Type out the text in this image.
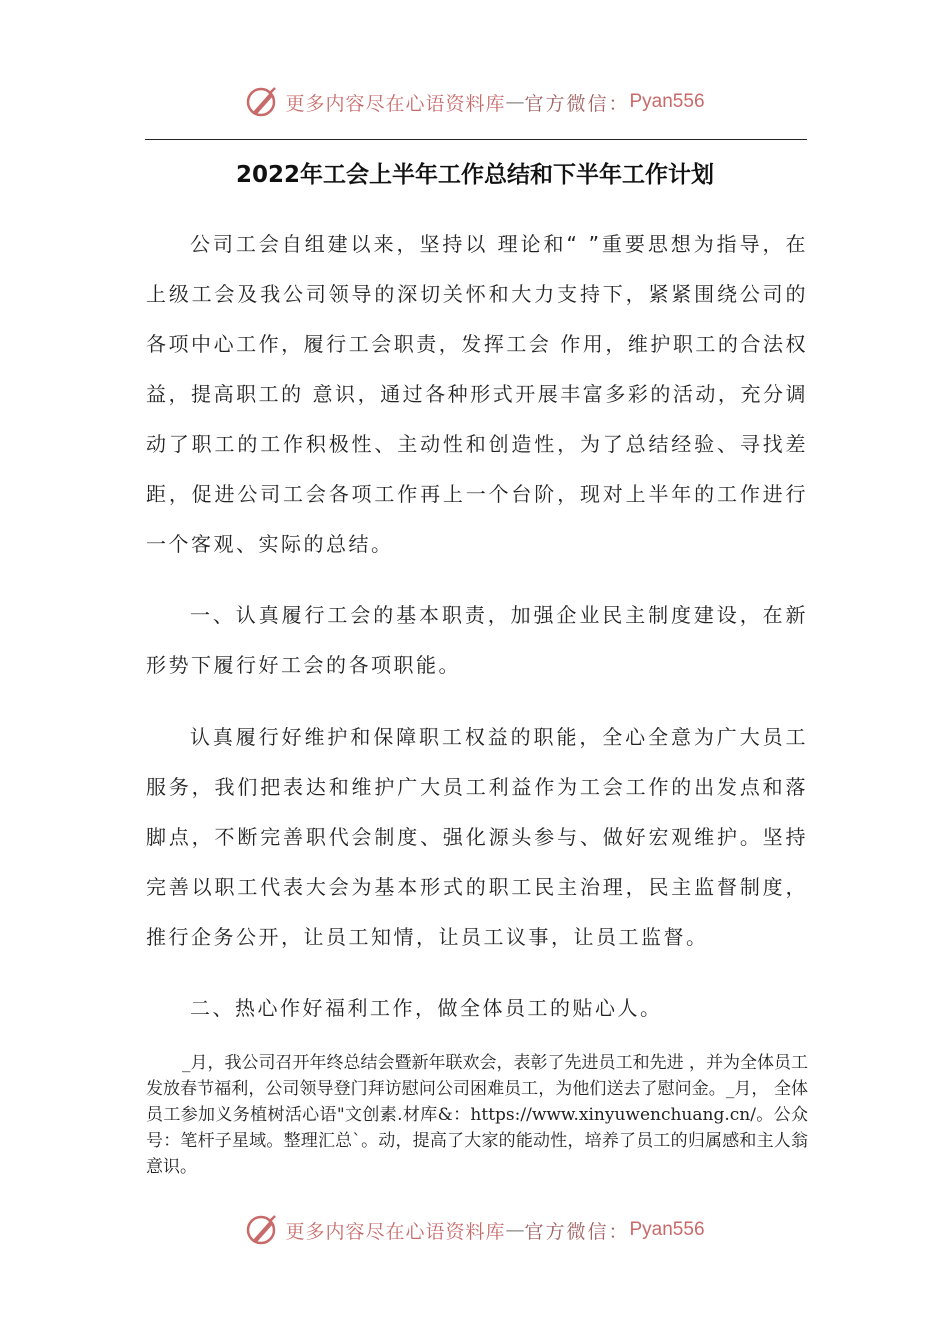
更多内容尽在心语资料库 — 官方微信： Pyan556
2022年工会上半年工作总结和下半年工作计划
公司工会自组建以来，坚持以 理论和“ ”重要思想为指导，在上级工会及我公司领导的深切关怀和大力支持下，紧紧围绕公司的各项中心工作，履行工会职责，发挥工会 作用，维护职工的合法权益，提高职工的 意识，通过各种形式开展丰富多彩的活动，充分调动了职工的工作积极性、主动性和创造性，为了总结经验、寻找差距，促进公司工会各项工作再上一个台阶，现对上半年的工作进行一个客观、实际的总结。
一、认真履行工会的基本职责，加强企业民主制度建设，在新形势下履行好工会的各项职能。
认真履行好维护和保障职工权益的职能，全心全意为广大员工服务，我们把表达和维护广大员工利益作为工会工作的出发点和落脚点，不断完善职代会制度、强化源头参与、做好宏观维护。坚持完善以职工代表大会为基本形式的职工民主治理，民主监督制度，推行企务公开，让员工知情，让员工议事，让员工监督。
二、热心作好福利工作，做全体员工的贴心人。
_月，我公司召开年终总结会暨新年联欢会，表彰了先进员工和先进 ，并为全体员工发放春节福利，公司领导登门拜访慰问公司困难员工，为他们送去了慰问金。_月， 全体员工参加义务植树活心语"文创素.材库&：https://www.xinyuwenchuang.cn/。公众号：笔杆子星域。整理汇总`。动，提高了大家的能动性，培养了员工的归属感和主人翁意识。
更多内容尽在心语资料库 — 官方微信： Pyan556
